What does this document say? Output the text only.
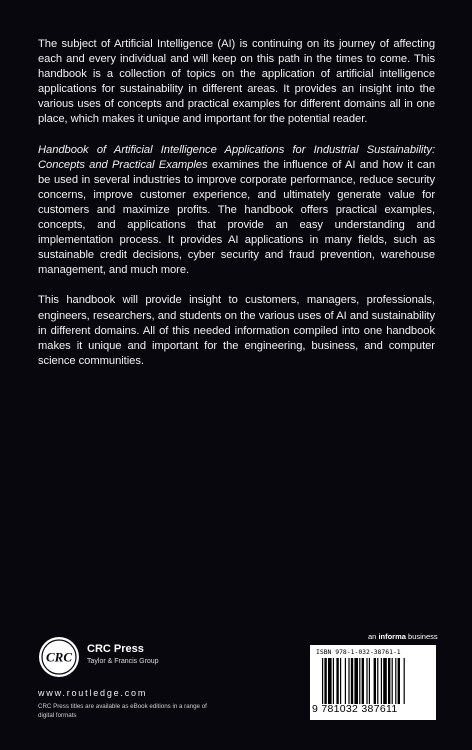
The subject of Artificial Intelligence (AI) is continuing on its journey of affecting each and every individual and will keep on this path in the times to come. This handbook is a collection of topics on the application of artificial intelligence applications for sustainability in different areas. It provides an insight into the various uses of concepts and practical examples for different domains all in one place, which makes it unique and important for the potential reader.

Handbook of Artificial Intelligence Applications for Industrial Sustainability: Concepts and Practical Examples examines the influence of AI and how it can be used in several industries to improve corporate performance, reduce security concerns, improve customer experience, and ultimately generate value for customers and maximize profits. The handbook offers practical examples, concepts, and applications that provide an easy understanding and implementation process. It provides AI applications in many fields, such as sustainable credit decisions, cyber security and fraud prevention, warehouse management, and much more.

This handbook will provide insight to customers, managers, professionals, engineers, researchers, and students on the various uses of AI and sustainability in different domains. All of this needed information compiled into one handbook makes it unique and important for the engineering, business, and computer science communities.

CRC
CRC Press
Taylor & Francis Group
www.routledge.com
CRC Press titles are available as eBook editions in a range of digital formats
an informa business
ISBN 978-1-032-38761-1
9 781032 387611
